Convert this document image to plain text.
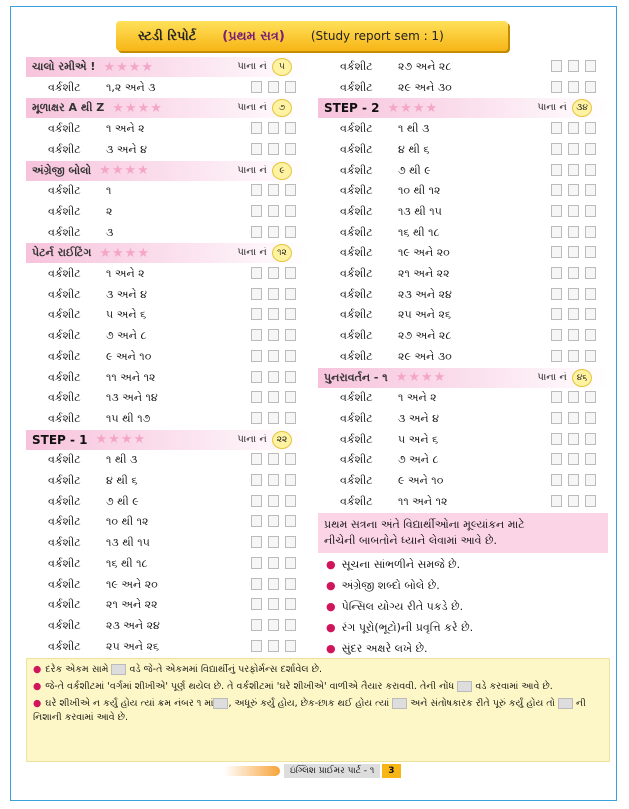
સ્ટડી રિપોર્ટ (પ્રથમ સત્ર) (Study report sem : 1)
ચાલો રમીએ ! ★★★★	પાના નં ૫
વર્કશીટ ૧,૨ અને ૩
મૂળાક્ષર A થી Z ★★★★	પાના નં ૭
વર્કશીટ ૧ અને ૨
વર્કશીટ ૩ અને ૪
અંગ્રેજી બોલો ★★★★	પાના નં ૯
વર્કશીટ ૧
વર્કશીટ ૨
વર્કશીટ ૩
પેટર્ન રાઈટિંગ ★★★★	પાના નં ૧૨
વર્કશીટ ૧ અને ૨
વર્કશીટ ૩ અને ૪
વર્કશીટ ૫ અને ૬
વર્કશીટ ૭ અને ૮
વર્કશીટ ૯ અને ૧૦
વર્કશીટ ૧૧ અને ૧૨
વર્કશીટ ૧૩ અને ૧૪
વર્કશીટ ૧૫ થી ૧૭
STEP - 1 ★★★★	પાના નં ૨૨
વર્કશીટ ૧ થી ૩
વર્કશીટ ૪ થી ૬
વર્કશીટ ૭ થી ૯
વર્કશીટ ૧૦ થી ૧૨
વર્કશીટ ૧૩ થી ૧૫
વર્કશીટ ૧૬ થી ૧૮
વર્કશીટ ૧૯ અને ૨૦
વર્કશીટ ૨૧ અને ૨૨
વર્કશીટ ૨૩ અને ૨૪
વર્કશીટ ૨૫ અને ૨૬
વર્કશીટ ૨૭ અને ૨૮
વર્કશીટ ૨૯ અને ૩૦
STEP - 2 ★★★★	પાના નં ૩૪
વર્કશીટ ૧ થી ૩
વર્કશીટ ૪ થી ૬
વર્કશીટ ૭ થી ૯
વર્કશીટ ૧૦ થી ૧૨
વર્કશીટ ૧૩ થી ૧૫
વર્કશીટ ૧૬ થી ૧૮
વર્કશીટ ૧૯ અને ૨૦
વર્કશીટ ૨૧ અને ૨૨
વર્કશીટ ૨૩ અને ૨૪
વર્કશીટ ૨૫ અને ૨૬
વર્કશીટ ૨૭ અને ૨૮
વર્કશીટ ૨૯ અને ૩૦
પુનરાવર્તન - ૧ ★★★★	પાના નં ૪૬
વર્કશીટ ૧ અને ૨
વર્કશીટ ૩ અને ૪
વર્કશીટ ૫ અને ૬
વર્કશીટ ૭ અને ૮
વર્કશીટ ૯ અને ૧૦
વર્કશીટ ૧૧ અને ૧૨
પ્રથમ સત્રના અંતે વિદ્યાર્થીઓના મૂલ્યાંકન માટે
નીચેની બાબતોને ધ્યાને લેવામાં આવે છે.
● સૂચના સાંભળીને સમજે છે.
● અંગ્રેજી શબ્દો બોલે છે.
● પેન્સિલ યોગ્ય રીતે પકડે છે.
● રંગ પૂરો(ભૂટો)ની પ્રવૃત્તિ કરે છે.
● સુંદર અક્ષરે લખે છે.

● દરેક એકમ સામે વડે જે-તે એકમમાં વિદ્યાર્થીનું પરફોર્મન્સ દર્શાવેલ છે.

● જે-તે વર્કશીટમાં 'વર્ગમાં શીખીએ' પૂર્ણ થયેલ છે. તે વર્કશીટમાં 'ઘરે શીખીએ' વાળીએ તૈયાર કરાવવી. તેની નોંધ વડે કરવામાં આવે છે.

● ઘરે શીખીએ ન કર્યું હોય ત્યાં ક્રમ નંબર ૧ માં , અધૂરું કર્યું હોય, છેક-છાક થઈ હોય ત્યાં અને સંતોષકારક રીતે પૂરું કર્યું હોય તો ની નિશાની કરવામાં આવે છે.

ઇંગ્લિશ પ્રાઈમર પાર્ટ - ૧	3
